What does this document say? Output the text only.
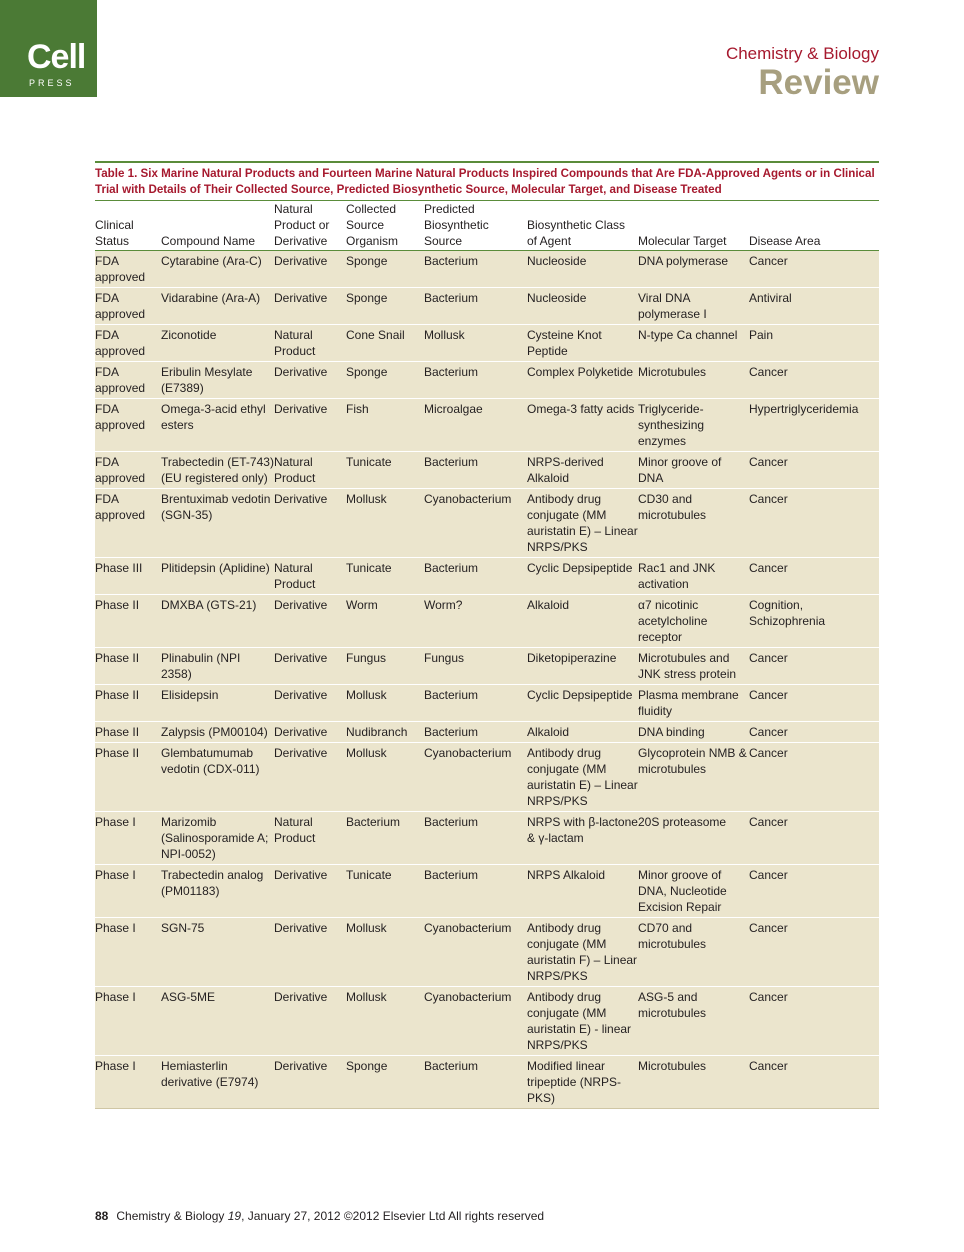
Cell
PRESS
Chemistry & Biology
Review
Table 1. Six Marine Natural Products and Fourteen Marine Natural Products Inspired Compounds that Are FDA-Approved Agents or in Clinical Trial with Details of Their Collected Source, Predicted Biosynthetic Source, Molecular Target, and Disease Treated
Clinical Status	Compound Name	Natural Product or Derivative	Collected Source Organism	Predicted Biosynthetic Source	Biosynthetic Class of Agent	Molecular Target	Disease Area
FDA approved	Cytarabine (Ara-C)	Derivative	Sponge	Bacterium	Nucleoside	DNA polymerase	Cancer
FDA approved	Vidarabine (Ara-A)	Derivative	Sponge	Bacterium	Nucleoside	Viral DNA polymerase I	Antiviral
FDA approved	Ziconotide	Natural Product	Cone Snail	Mollusk	Cysteine Knot Peptide	N-type Ca channel	Pain
FDA approved	Eribulin Mesylate (E7389)	Derivative	Sponge	Bacterium	Complex Polyketide	Microtubules	Cancer
FDA approved	Omega-3-acid ethyl esters	Derivative	Fish	Microalgae	Omega-3 fatty acids	Triglyceride-synthesizing enzymes	Hypertriglyceridemia
FDA approved	Trabectedin (ET-743) (EU registered only)	Natural Product	Tunicate	Bacterium	NRPS-derived Alkaloid	Minor groove of DNA	Cancer
FDA approved	Brentuximab vedotin (SGN-35)	Derivative	Mollusk	Cyanobacterium	Antibody drug conjugate (MM auristatin E) – Linear NRPS/PKS	CD30 and microtubules	Cancer
Phase III	Plitidepsin (Aplidine)	Natural Product	Tunicate	Bacterium	Cyclic Depsipeptide	Rac1 and JNK activation	Cancer
Phase II	DMXBA (GTS-21)	Derivative	Worm	Worm?	Alkaloid	α7 nicotinic acetylcholine receptor	Cognition, Schizophrenia
Phase II	Plinabulin (NPI 2358)	Derivative	Fungus	Fungus	Diketopiperazine	Microtubules and JNK stress protein	Cancer
Phase II	Elisidepsin	Derivative	Mollusk	Bacterium	Cyclic Depsipeptide	Plasma membrane fluidity	Cancer
Phase II	Zalypsis (PM00104)	Derivative	Nudibranch	Bacterium	Alkaloid	DNA binding	Cancer
Phase II	Glembatumumab vedotin (CDX-011)	Derivative	Mollusk	Cyanobacterium	Antibody drug conjugate (MM auristatin E) – Linear NRPS/PKS	Glycoprotein NMB & microtubules	Cancer
Phase I	Marizomib (Salinosporamide A; NPI-0052)	Natural Product	Bacterium	Bacterium	NRPS with β-lactone & γ-lactam	20S proteasome	Cancer
Phase I	Trabectedin analog (PM01183)	Derivative	Tunicate	Bacterium	NRPS Alkaloid	Minor groove of DNA, Nucleotide Excision Repair	Cancer
Phase I	SGN-75	Derivative	Mollusk	Cyanobacterium	Antibody drug conjugate (MM auristatin F) – Linear NRPS/PKS	CD70 and microtubules	Cancer
Phase I	ASG-5ME	Derivative	Mollusk	Cyanobacterium	Antibody drug conjugate (MM auristatin E) - linear NRPS/PKS	ASG-5 and microtubules	Cancer
Phase I	Hemiasterlin derivative (E7974)	Derivative	Sponge	Bacterium	Modified linear tripeptide (NRPS-PKS)	Microtubules	Cancer
88 Chemistry & Biology 19, January 27, 2012 ©2012 Elsevier Ltd All rights reserved
